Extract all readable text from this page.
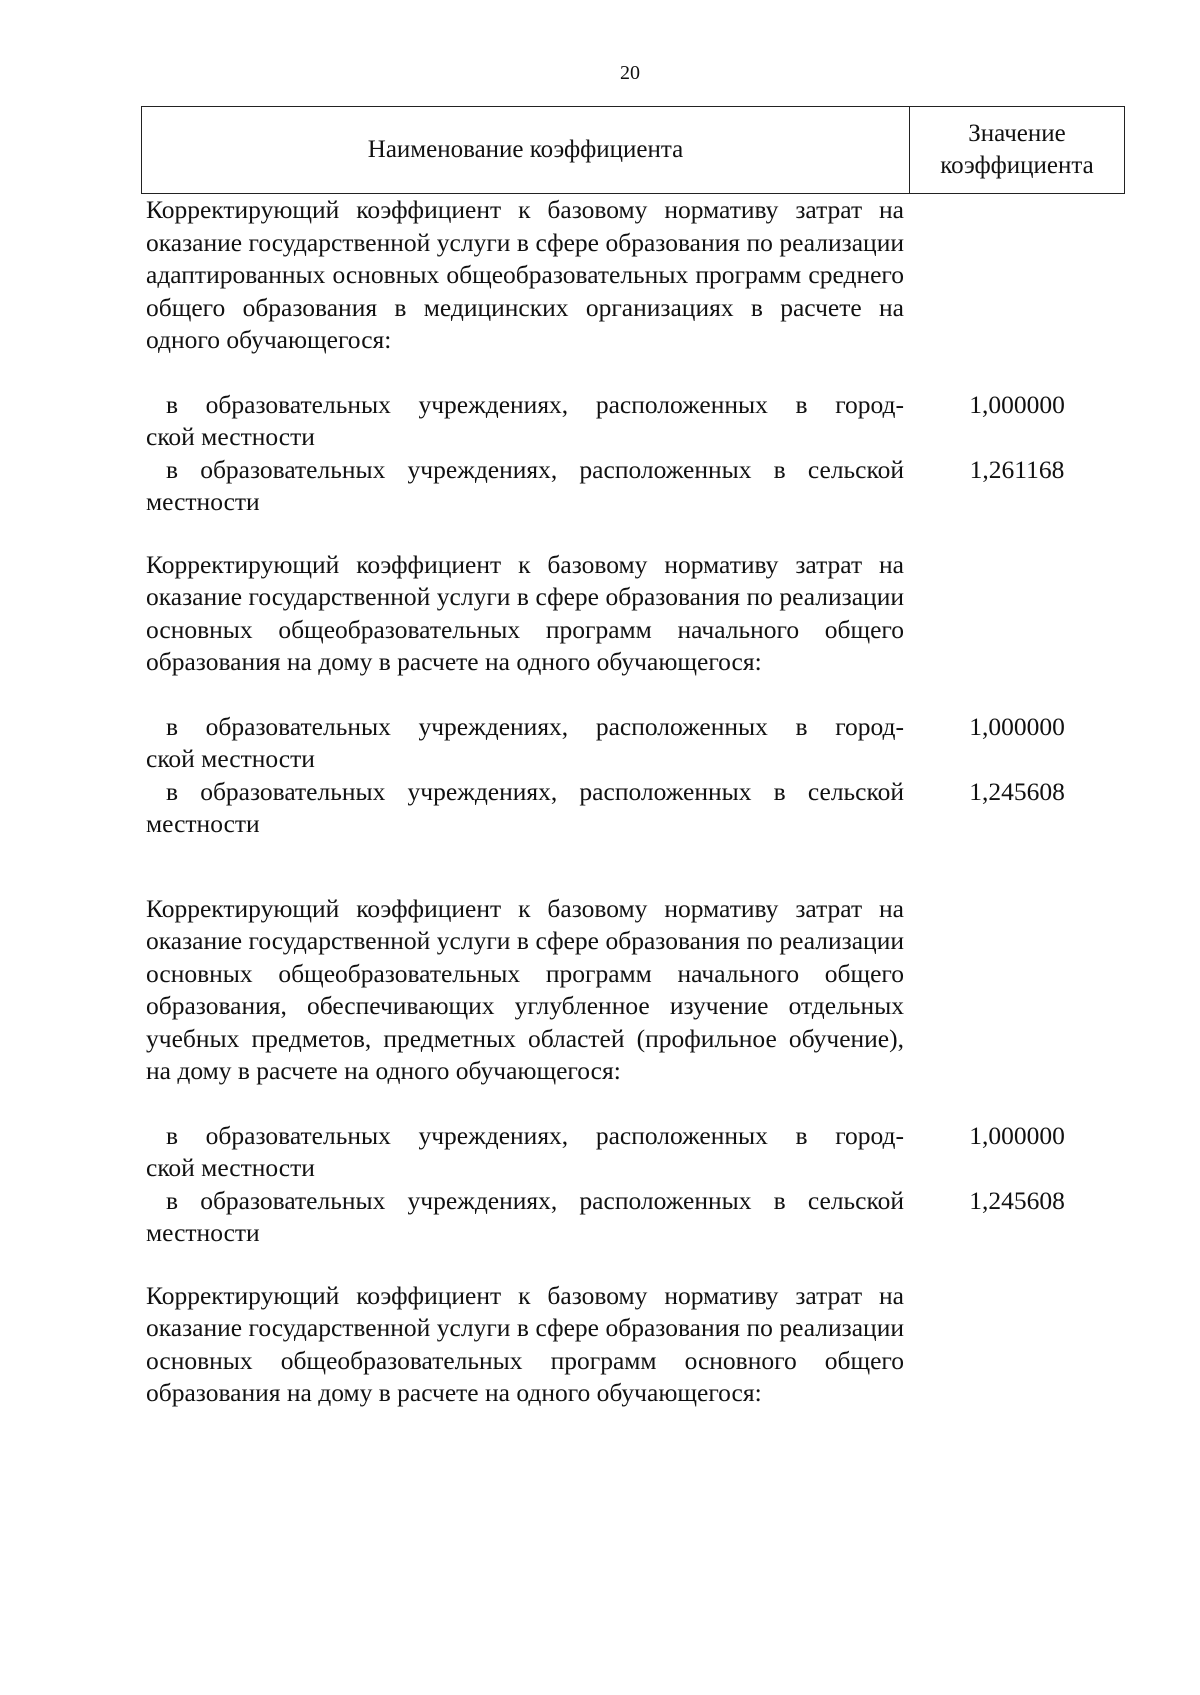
20
Наименование коэффициента
Значение
коэффициента
Корректирующий коэффициент к базовому нормативу затрат на оказание государственной услуги в сфере образования по реализации адаптированных основных общеобразовательных программ среднего общего образования в медицинских организациях в расчете на одного обучающегося:
в образовательных учреждениях, расположенных в город-
ской местности
1,000000
в образовательных учреждениях, расположенных в сельской
местности
1,261168
Корректирующий коэффициент к базовому нормативу затрат на оказание государственной услуги в сфере образования по реализации основных общеобразовательных программ начального общего образования на дому в расчете на одного обучающегося:
в образовательных учреждениях, расположенных в город-
ской местности
1,000000
в образовательных учреждениях, расположенных в сельской
местности
1,245608
Корректирующий коэффициент к базовому нормативу затрат на оказание государственной услуги в сфере образования по реализации основных общеобразовательных программ начального общего образования, обеспечивающих углубленное изучение отдельных учебных предметов, предметных областей (профильное обучение), на дому в расчете на одного обучающегося:
в образовательных учреждениях, расположенных в город-
ской местности
1,000000
в образовательных учреждениях, расположенных в сельской
местности
1,245608
Корректирующий коэффициент к базовому нормативу затрат на оказание государственной услуги в сфере образования по реализации основных общеобразовательных программ основного общего образования на дому в расчете на одного обучающегося:
